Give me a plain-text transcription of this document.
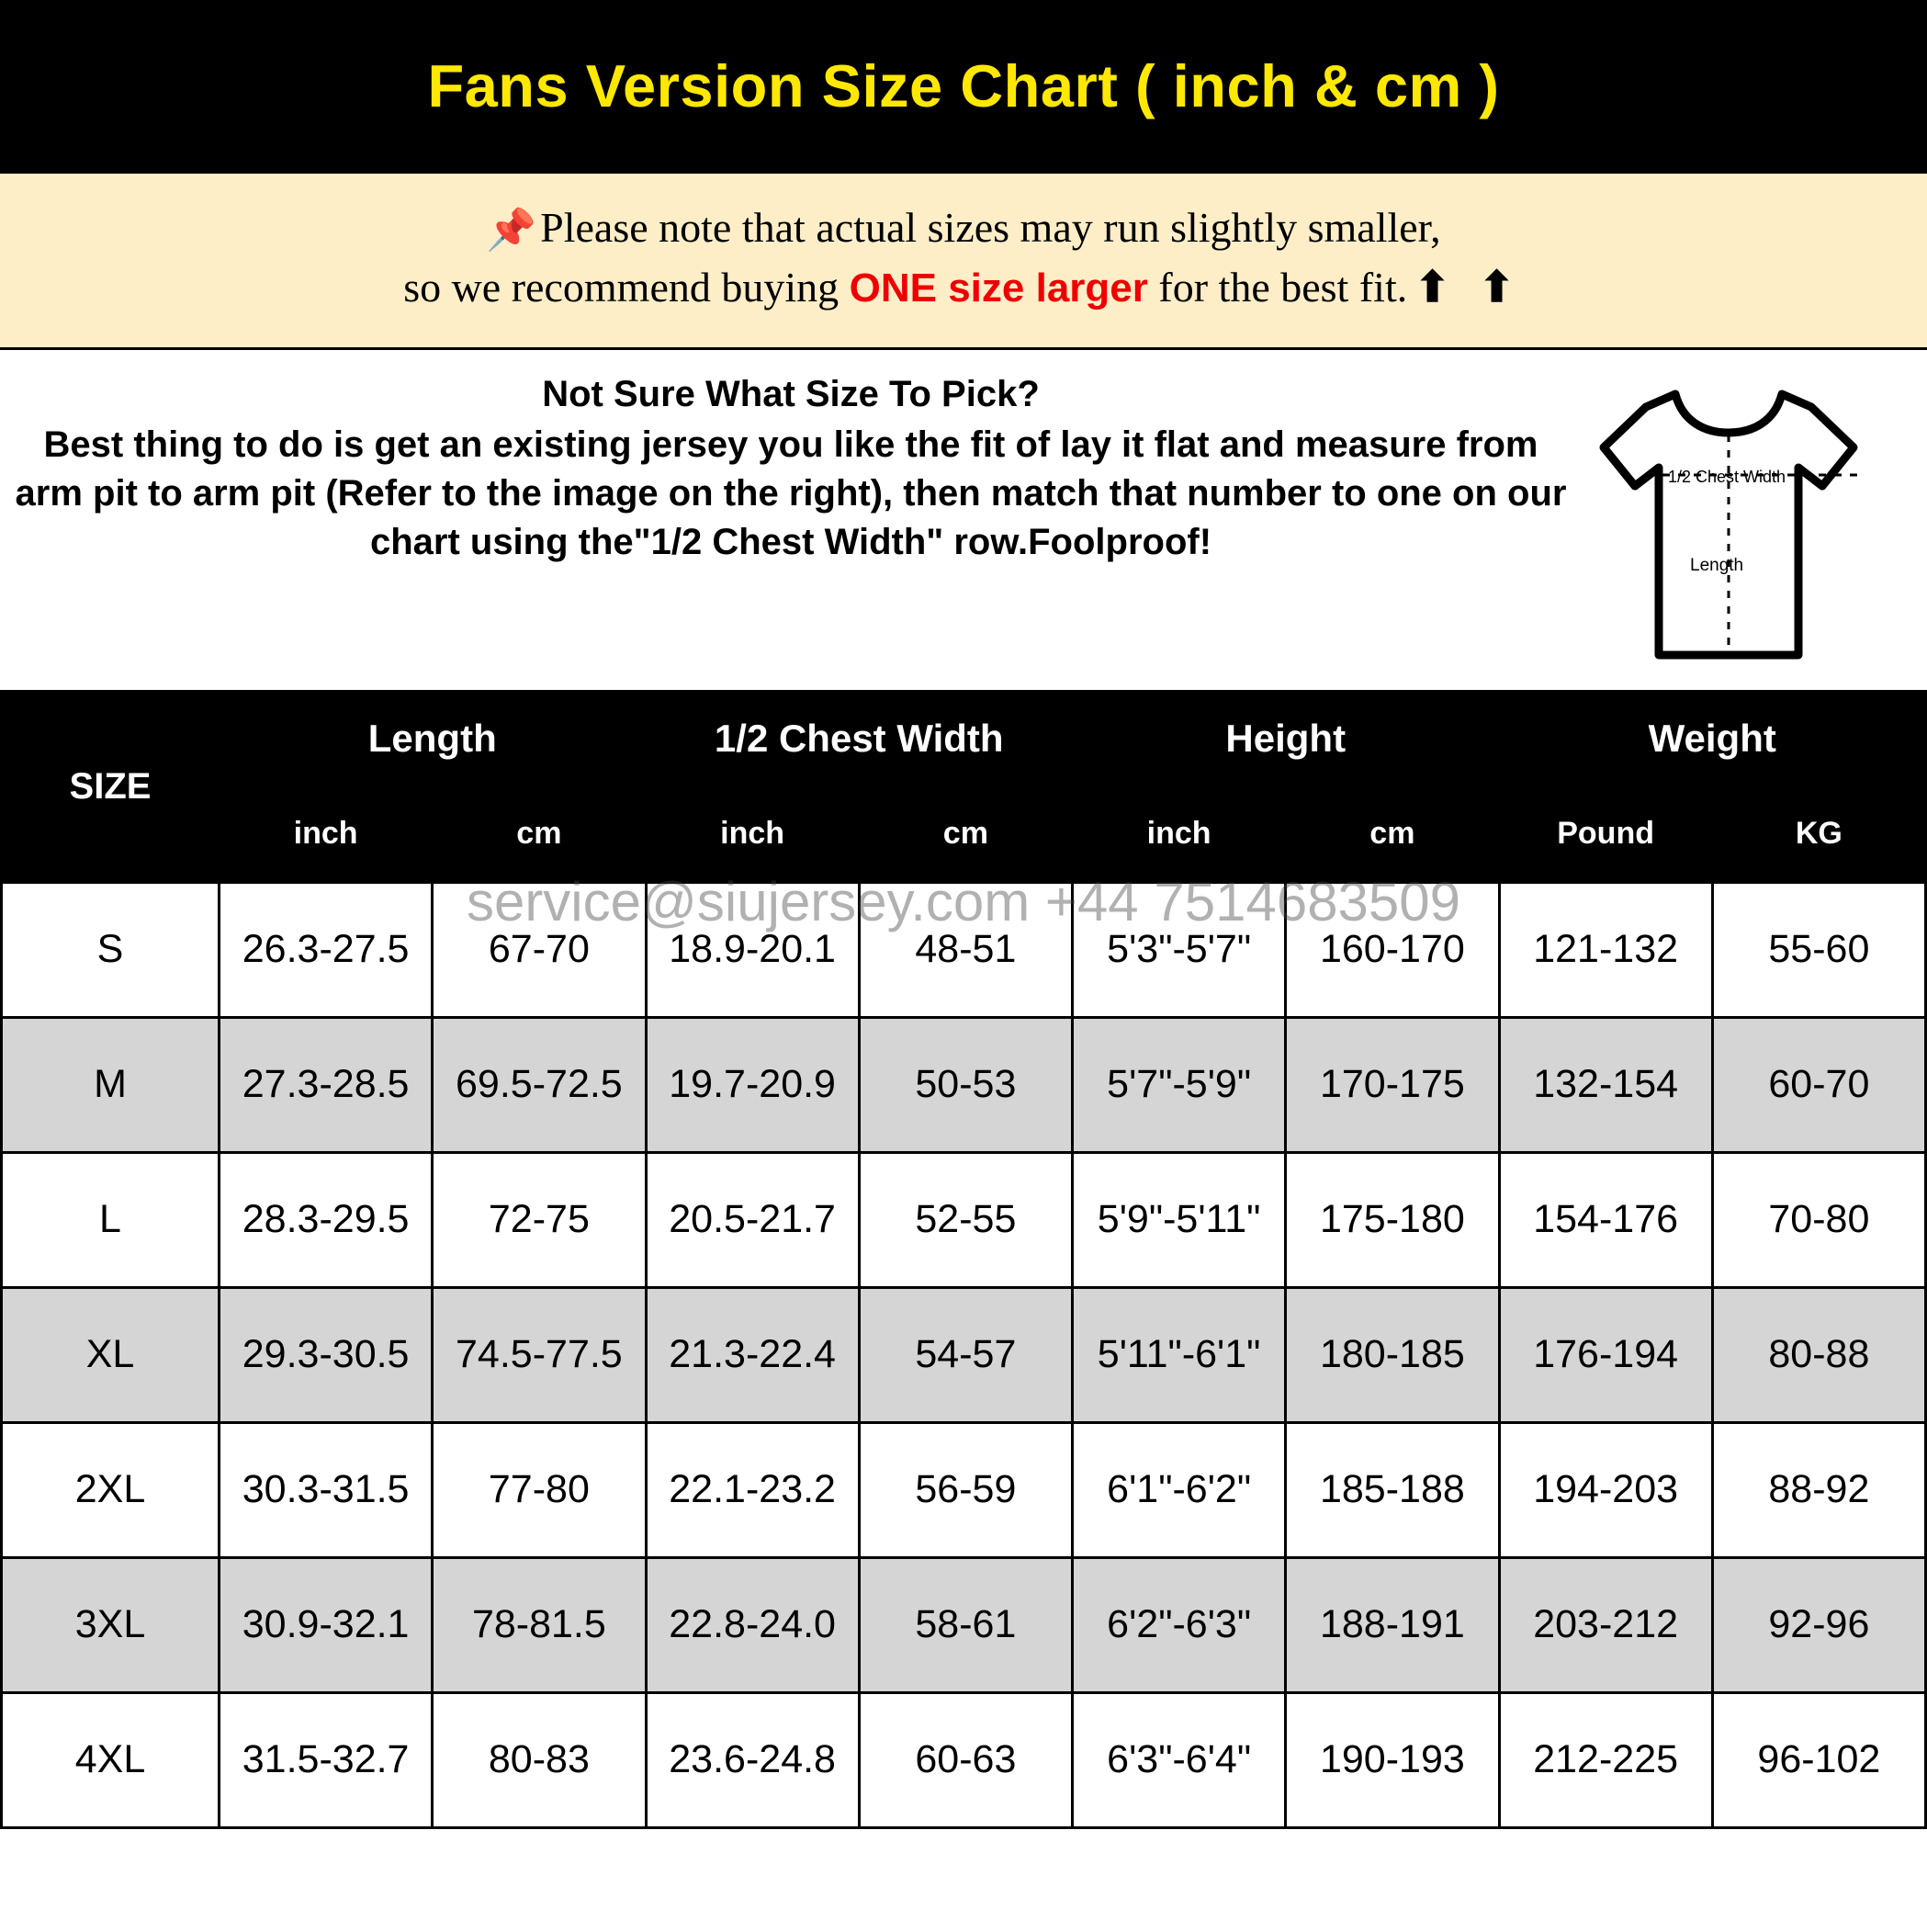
Fans Version Size Chart ( inch & cm )
📌Please note that actual sizes may run slightly smaller,
so we recommend buying ONE size larger for the best fit. ⬆ ⬆
Not Sure What Size To Pick?
Best thing to do is get an existing jersey you like the fit of lay it flat and measure from arm pit to arm pit (Refer to the image on the right), then match that number to one on our chart using the"1/2 Chest Width" row.Foolproof!
1/2 Chest Width
Length
SIZE	Length		1/2 Chest Width		Height		Weight	
	inch	cm	inch	cm	inch	cm	Pound	KG
S	26.3-27.5	67-70	18.9-20.1	48-51	5'3"-5'7"	160-170	121-132	55-60
M	27.3-28.5	69.5-72.5	19.7-20.9	50-53	5'7"-5'9"	170-175	132-154	60-70
L	28.3-29.5	72-75	20.5-21.7	52-55	5'9"-5'11"	175-180	154-176	70-80
XL	29.3-30.5	74.5-77.5	21.3-22.4	54-57	5'11"-6'1"	180-185	176-194	80-88
2XL	30.3-31.5	77-80	22.1-23.2	56-59	6'1"-6'2"	185-188	194-203	88-92
3XL	30.9-32.1	78-81.5	22.8-24.0	58-61	6'2"-6'3"	188-191	203-212	92-96
4XL	31.5-32.7	80-83	23.6-24.8	60-63	6'3"-6'4"	190-193	212-225	96-102
service@siujersey.com +44 7514683509
